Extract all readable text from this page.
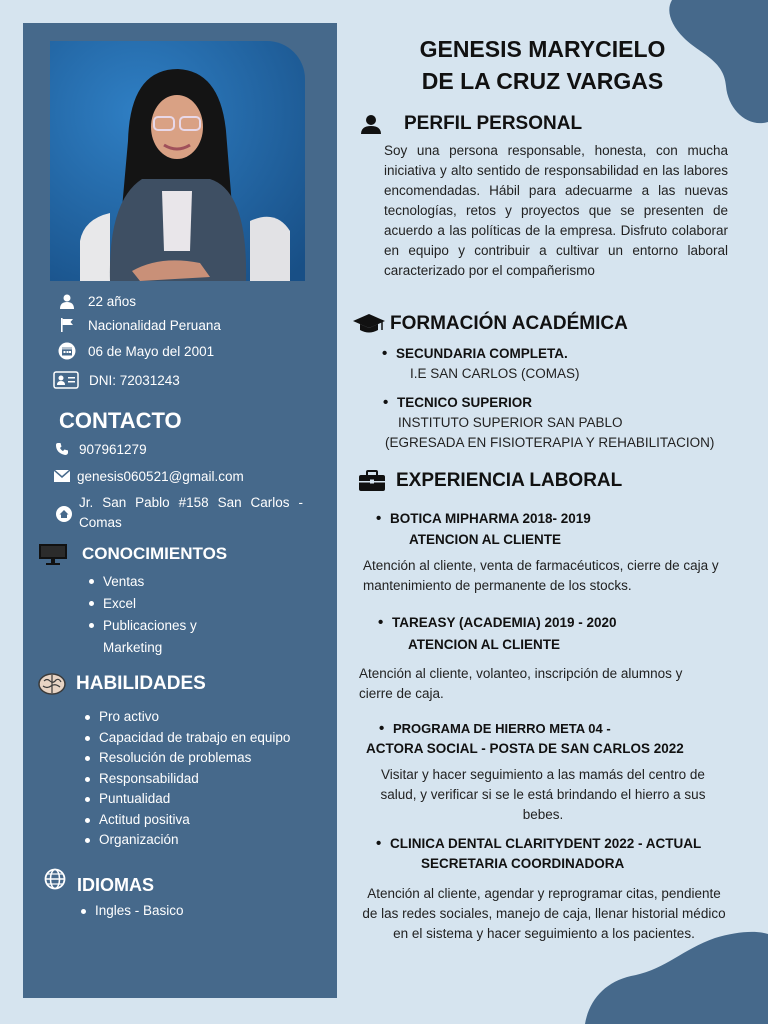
22 años
Nacionalidad Peruana
06 de Mayo del 2001
DNI: 72031243
CONTACTO
907961279
genesis060521@gmail.com
Jr. San Pablo #158 San Carlos - Comas
CONOCIMIENTOS
Ventas
Excel
Publicaciones y Marketing
HABILIDADES
Pro activo
Capacidad de trabajo en equipo
Resolución de problemas
Responsabilidad
Puntualidad
Actitud positiva
Organización
IDIOMAS
Ingles - Basico
GENESIS MARYCIELO
DE LA CRUZ VARGAS
PERFIL PERSONAL
Soy una persona responsable, honesta, con mucha iniciativa y alto sentido de responsabilidad en las labores encomendadas. Hábil para adecuarme a las nuevas tecnologías, retos y proyectos que se presenten de acuerdo a las políticas de la empresa. Disfruto colaborar en equipo y contribuir a cultivar un entorno laboral caracterizado por el compañerismo
FORMACIÓN ACADÉMICA
• SECUNDARIA COMPLETA.
I.E SAN CARLOS (COMAS)
• TECNICO SUPERIOR
INSTITUTO SUPERIOR SAN PABLO
(EGRESADA EN FISIOTERAPIA Y REHABILITACION)
EXPERIENCIA LABORAL
• BOTICA MIPHARMA 2018- 2019
ATENCION AL CLIENTE
Atención al cliente, venta de farmacéuticos, cierre de caja y mantenimiento de permanente de los stocks.
• TAREASY (ACADEMIA) 2019 - 2020
ATENCION AL CLIENTE
Atención al cliente, volanteo, inscripción de alumnos y cierre de caja.
• PROGRAMA DE HIERRO META 04 -
ACTORA SOCIAL - POSTA DE SAN CARLOS 2022
Visitar y hacer seguimiento a las mamás del centro de salud, y verificar si se le está brindando el hierro a sus bebes.
• CLINICA DENTAL CLARITYDENT 2022 - ACTUAL
SECRETARIA COORDINADORA
Atención al cliente, agendar y reprogramar citas, pendiente de las redes sociales, manejo de caja, llenar historial médico en el sistema y hacer seguimiento a los pacientes.
